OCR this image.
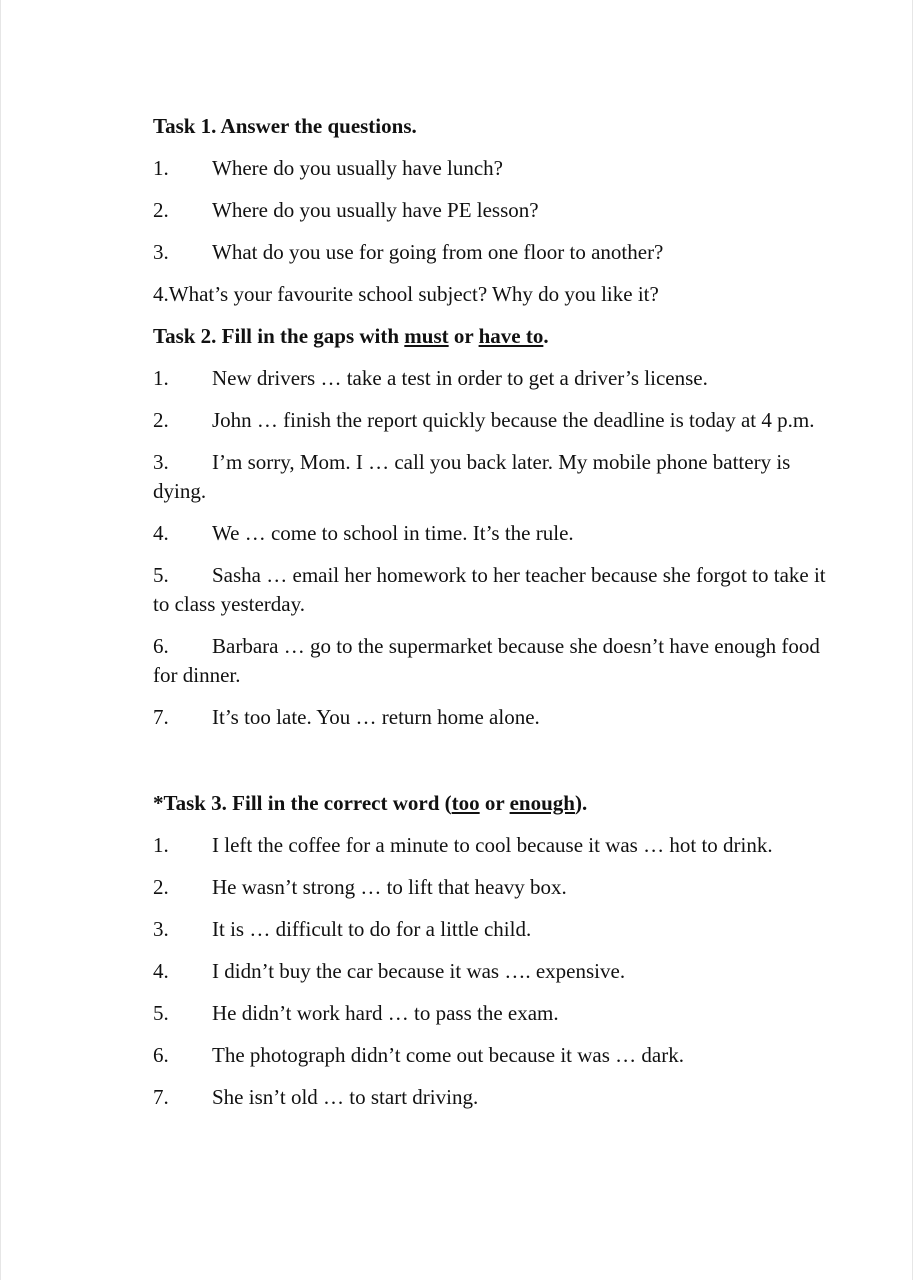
Task 1. Answer the questions.
1. Where do you usually have lunch?
2. Where do you usually have PE lesson?
3. What do you use for going from one floor to another?
4.What’s your favourite school subject? Why do you like it?
Task 2. Fill in the gaps with must or have to.
1. New drivers … take a test in order to get a driver’s license.
2. John … finish the report quickly because the deadline is today at 4 p.m.
3. I’m sorry, Mom. I … call you back later. My mobile phone battery is dying.
4. We … come to school in time. It’s the rule.
5. Sasha … email her homework to her teacher because she forgot to take it to class yesterday.
6. Barbara … go to the supermarket because she doesn’t have enough food for dinner.
7. It’s too late. You … return home alone.
*Task 3. Fill in the correct word (too or enough).
1. I left the coffee for a minute to cool because it was … hot to drink.
2. He wasn’t strong … to lift that heavy box.
3. It is … difficult to do for a little child.
4. I didn’t buy the car because it was …. expensive.
5. He didn’t work hard … to pass the exam.
6. The photograph didn’t come out because it was … dark.
7. She isn’t old … to start driving.
